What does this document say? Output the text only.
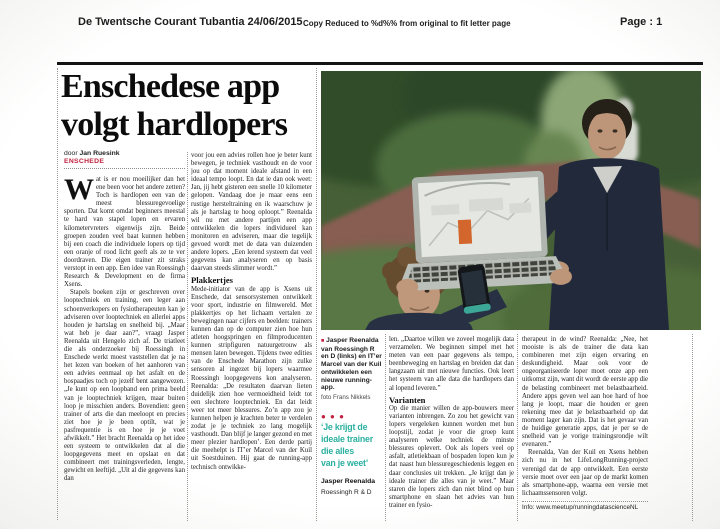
De Twentsche Courant Tubantia 24/06/2015 Copy Reduced to %d%% from original to fit letter page	Page : 1
Enschedese app
volgt hardlopers
door Jan Ruesink
ENSCHEDE

Wat is er nou moeilijker dan het ene been voor het andere zetten? Toch is hardlopen een van de meest blessuregevoelige sporten. Dat komt omdat beginners meestal te hard van stapel lopen en ervaren kilometervreters eigenwijs zijn. Beide groepen zouden veel baat kunnen hebben bij een coach die individuele lopers op tijd een oranje of rood licht geeft als ze te ver doordraven. Die eigen trainer zit straks verstopt in een app. Een idee van Roessingh Research & Development en de firma Xsens.

Stapels boeken zijn er geschreven over looptechniek en training, een leger aan schoenverkopers en fysiotherapeuten kan je adviseren over looptechniek en allerlei apps houden je hartslag en snelheid bij. „Maar wat heb je daar aan?”, vraagt Jasper Reenalda uit Hengelo zich af. De triatleet die als onderzoeker bij Roessingh in Enschede werkt moest vaststellen dat je na het lezen van boeken of het aanhoren van een advies eenmaal op het asfalt en de bospaadjes toch op jezelf bent aangewezen. „Je kunt op een loopband een prima beeld van je looptechniek krijgen, maar buiten loop je misschien anders. Bovendien: geen trainer of arts die dan meeloopt en precies ziet hoe je je been optilt, wat je pasfrequentie is en hoe je je voet afwikkelt.” Het bracht Reenalda op het idee een systeem te ontwikkelen dat al die loopgegevens meet en opslaat en dat combineert met trainingsverleden, lengte, gewicht en leeftijd. „Uit al die gegevens kan dan

voor jou een advies rollen hoe je beter kunt bewegen, je techniek vasthoudt en de voor jou op dat moment ideale afstand in een ideaal tempo loopt. En dat ie dan ook weet: Jan, jij hebt gisteren een snelle 10 kilometer gelopen. Vandaag doe je maar eens een rustige hersteltraining en ik waarschuw je als je hartslag te hoog oploopt.” Reenalda wil nu met andere partijen een app ontwikkelen die lopers individueel kan monitoren en adviseren, maar die tegelijk gevoed wordt met de data van duizenden andere lopers. „Een lerend systeem dat veel gegevens kan analyseren en op basis daarvan steeds slimmer wordt.”

Plakkertjes

Mede-initiator van de app is Xsens uit Enschede, dat sensorsystemen ontwikkelt voor sport, industrie en filmwereld. Met plakkertjes op het lichaam vertalen ze bewegingen naar cijfers en beelden: trainers kunnen dan op de computer zien hoe hun atleten hoogspringen en filmproducenten kunnen stripfiguren natuurgetrouw als mensen laten bewegen. Tijdens twee edities van de Enschede Marathon zijn zulke sensoren al ingezet bij lopers waarmee Roessingh loopgegevens kon analyseren. Reenalda: „De resultaten daarvan lieten duidelijk zien hoe vermoeidheid leidt tot een slechtere looptechniek. En dat leidt weer tot meer blessures. Zo’n app zou je kunnen helpen je krachten beter te verdelen zodat je je techniek zo lang mogelijk vasthoudt. Dan blijf je langer gezond en met meer plezier hardlopen’. Een derde partij die meehelpt is IT’er Marcel van der Kuil uit Soestduinen. Hij gaat de running-app technisch ontwikke-

■ Jasper Reenalda van Roessingh R en D (links) en IT’er Marcel van der Kuil ontwikkelen een nieuwe running-app.
foto Frans Nikkels
● ● ●
‘Je krijgt de
ideale trainer
die alles
van je weet’
Jasper Reenalda
Roessingh R & D

len. „Daartoe willen we zoveel mogelijk data verzamelen. We beginnen simpel met het meten van een paar gegevens als tempo, beenbeweging en hartslag en breiden dat dan langzaam uit met nieuwe functies. Ook leert het systeem van alle data die hardlopers dan al lopend leveren.”

Varianten

Op die manier willen de app-bouwers meer varianten inbrengen. Zo zou het gewicht van lopers vergeleken kunnen worden met hun loopstijl, zodat je voor die groep kunt analyseren welke techniek de minste blessures oplevert. Ook als lopers veel op asfalt, atletiekbaan of bospaden lopen kun je dat naast hun blessuregeschiedenis leggen en daar conclusies uit trekken. „Je krijgt dan je ideale trainer die alles van je weet.” Maar staren die lopers zich dan niet blind op hun smartphone en slaan het advies van hun trainer en fysio-

therapeut in de wind? Reenalda: „Nee, het mooiste is als de trainer die data kan combineren met zijn eigen ervaring en deskundigheid. Maar ook voor de ongeorganiseerde loper moet onze app een uitkomst zijn, want dit wordt de eerste app die de belasting combineert met belastbaarheid. Andere apps geven wel aan hoe hard of hoe lang je loopt, maar die houden er geen rekening mee dat je belastbaarheid op dat moment lager kan zijn. Dat is het gevaar van de huidige generatie apps, dat je per se de snelheid van je vorige trainingsrondje wilt evenaren.”

Reenalda, Van der Kuil en Xsens hebben zich nu in het LifeLongRunning-project verenigd dat de app ontwikkelt. Een eerste versie moet over een jaar op de markt komen als smartphone-app, waarna een versie met lichaamssensoren volgt.

Info: www.meetup/runningdatascienceNL
